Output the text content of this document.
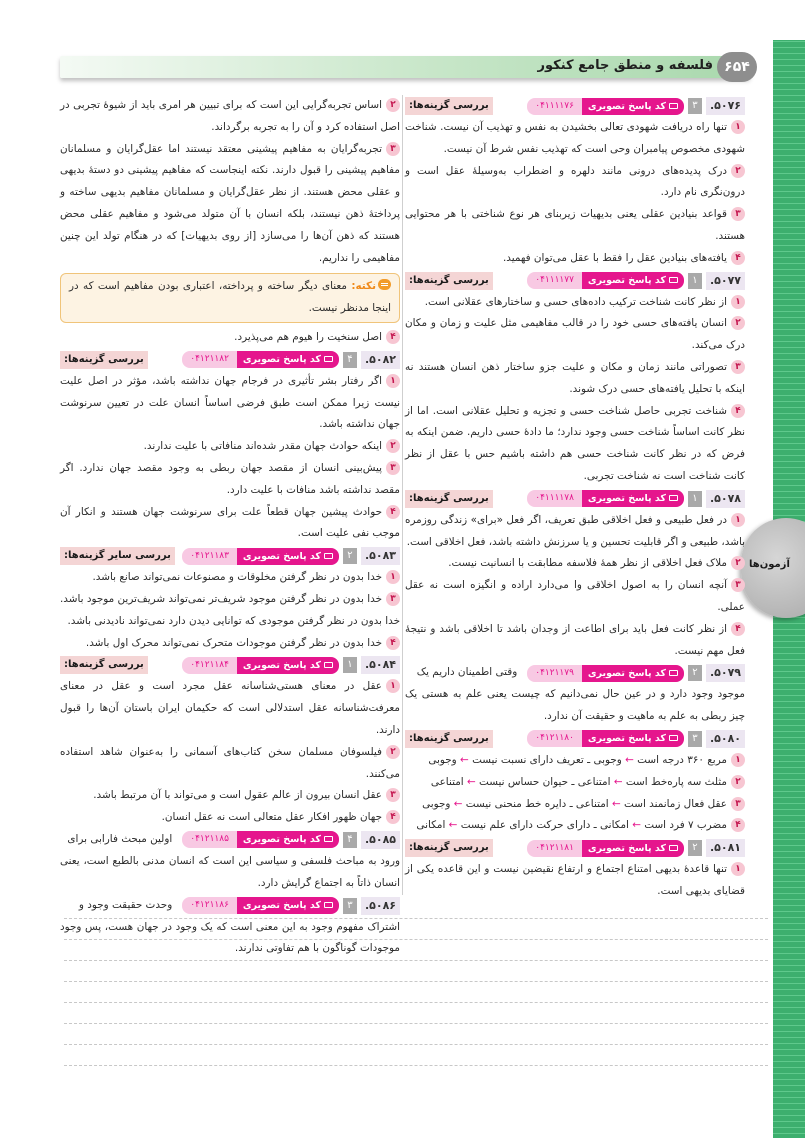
فلسفه و منطق جامع کنکور ۶۵۴
آزمون‌ها
۵۰۷۶.
۳
کد پاسخ تصویری
۰۴۱۱۱۱۷۶
بررسی گزینه‌ها:

۱تنها راه دریافت شهودی تعالی بخشیدن به نفس و تهذیب آن نیست. شناخت شهودی مخصوص پیامبران وحی است که تهذیب نفس شرط آن نیست.

۲درک پدیده‌های درونی مانند دلهره و اضطراب به‌وسیلهٔ عقل است و درون‌نگری نام دارد.

۳قواعد بنیادین عقلی یعنی بدیهیات زیربنای هر نوع شناختی با هر محتوایی هستند.

۴یافته‌های بنیادین عقل را فقط با عقل می‌توان فهمید.

۵۰۷۷.
۱
کد پاسخ تصویری
۰۴۱۱۱۱۷۷
بررسی گزینه‌ها:

۱از نظر کانت شناخت ترکیب داده‌های حسی و ساختارهای عقلانی است.

۲انسان یافته‌های حسی خود را در قالب مفاهیمی مثل علیت و زمان و مکان درک می‌کند.

۳تصوراتی مانند زمان و مکان و علیت جزو ساختار ذهن انسان هستند نه اینکه با تحلیل یافته‌های حسی درک شوند.

۴شناخت تجربی حاصل شناخت حسی و تجزیه و تحلیل عقلانی است. اما از نظر کانت اساساً شناخت حسی وجود ندارد؛ ما دادهٔ حسی داریم. ضمن اینکه به فرض که در نظر کانت شناخت حسی هم داشته باشیم حس با عقل از نظر کانت شناخت است نه شناخت تجربی.

۵۰۷۸.
۱
کد پاسخ تصویری
۰۴۱۱۱۱۷۸
بررسی گزینه‌ها:

۱در فعل طبیعی و فعل اخلاقی طبق تعریف، اگر فعل «برای» زندگی روزمره باشد، طبیعی و اگر قابلیت تحسین و یا سرزنش داشته باشد، فعل اخلاقی است.

۲ملاک فعل اخلاقی از نظر همهٔ فلاسفه مطابقت با انسانیت نیست.

۳آنچه انسان را به اصول اخلاقی وا می‌دارد اراده و انگیزه است نه عقل عملی.

۴از نظر کانت فعل باید برای اطاعت از وجدان باشد تا اخلاقی باشد و نتیجهٔ فعل مهم نیست.

۵۰۷۹.
۲
کد پاسخ تصویری
۰۴۱۲۱۱۷۹
وقتی اطمینان داریم یک

موجود وجود دارد و در عین حال نمی‌دانیم که چیست یعنی علم به هستی یک چیز ربطی به علم به ماهیت و حقیقت آن ندارد.

۵۰۸۰.
۳
کد پاسخ تصویری
۰۴۱۲۱۱۸۰
بررسی گزینه‌ها:

۱مربع ۳۶۰ درجه است ← وجوبی ـ تعریف دارای نسبت نیست ← وجوبی

۲مثلث سه پاره‌خط است ← امتناعی ـ حیوان حساس نیست ← امتناعی

۳عقل فعال زمانمند است ← امتناعی ـ دایره خط منحنی نیست ← وجوبی

۴مضرب ۷ فرد است ← امکانی ـ دارای حرکت دارای علم نیست ← امکانی

۵۰۸۱.
۲
کد پاسخ تصویری
۰۴۱۲۱۱۸۱
بررسی گزینه‌ها:

۱تنها قاعدهٔ بدیهی امتناع اجتماع و ارتفاع نقیضین نیست و این قاعده یکی از قضایای بدیهی است.

۲اساس تجربه‌گرایی این است که برای تبیین هر امری باید از شیوهٔ تجربی در اصل استفاده کرد و آن را به تجربه برگرداند.

۳تجربه‌گرایان به مفاهیم پیشینی معتقد نیستند اما عقل‌گرایان و مسلمانان مفاهیم پیشینی را قبول دارند. نکته اینجاست که مفاهیم پیشینی دو دستهٔ بدیهی و عقلی محض هستند. از نظر عقل‌گرایان و مسلمانان مفاهیم بدیهی ساخته و پرداختهٔ ذهن نیستند، بلکه انسان با آن متولد می‌شود و مفاهیم عقلی محض هستند که ذهن آن‌ها را می‌سازد [از روی بدیهیات] که در هنگام تولد این چنین مفاهیمی را نداریم.

نکته: معنای دیگر ساخته و پرداخته، اعتباری بودن مفاهیم است که در اینجا مدنظر نیست.

۴اصل سنخیت را هیوم هم می‌پذیرد.

۵۰۸۲.
۴
کد پاسخ تصویری
۰۴۱۲۱۱۸۲
بررسی گزینه‌ها:

۱اگر رفتار بشر تأثیری در فرجام جهان نداشته باشد، مؤثر در اصل علیت نیست زیرا ممکن است طبق فرضی اساساً انسان علت در تعیین سرنوشت جهان نداشته باشد.

۲اینکه حوادث جهان مقدر شده‌اند منافاتی با علیت ندارند.

۳پیش‌بینی انسان از مقصد جهان ربطی به وجود مقصد جهان ندارد. اگر مقصد نداشته باشد منافات با علیت دارد.

۴حوادث پیشین جهان قطعاً علت برای سرنوشت جهان هستند و انکار آن موجب نفی علیت است.

۵۰۸۳.
۲
کد پاسخ تصویری
۰۴۱۲۱۱۸۳
بررسی سایر گزینه‌ها:

۱خدا بدون در نظر گرفتن مخلوقات و مصنوعات نمی‌تواند صانع باشد.

۳خدا بدون در نظر گرفتن موجود شریف‌تر نمی‌تواند شریف‌ترین موجود باشد. خدا بدون در نظر گرفتن موجودی که توانایی دیدن دارد نمی‌تواند نادیدنی باشد.

۴خدا بدون در نظر گرفتن موجودات متحرک نمی‌تواند محرک اول باشد.

۵۰۸۴.
۱
کد پاسخ تصویری
۰۴۱۲۱۱۸۴
بررسی گزینه‌ها:

۱عقل در معنای هستی‌شناسانه عقل مجرد است و عقل در معنای معرفت‌شناسانه عقل استدلالی است که حکیمان ایران باستان آن‌ها را قبول دارند.

۲فیلسوفان مسلمان سخن کتاب‌های آسمانی را به‌عنوان شاهد استفاده می‌کنند.

۳عقل انسان بیرون از عالم عقول است و می‌تواند با آن مرتبط باشد.

۴جهان ظهور افکار عقل متعالی است نه عقل انسان.

۵۰۸۵.
۴
کد پاسخ تصویری
۰۴۱۲۱۱۸۵
اولین مبحث فارابی برای

ورود به مباحث فلسفی و سیاسی این است که انسان مدنی بالطبع است، یعنی انسان ذاتاً به اجتماع گرایش دارد.

۵۰۸۶.
۳
کد پاسخ تصویری
۰۴۱۲۱۱۸۶
وحدت حقیقت وجود و

اشتراک مفهوم وجود به این معنی است که یک وجود در جهان هست، پس وجود موجودات گوناگون با هم تفاوتی ندارند.
